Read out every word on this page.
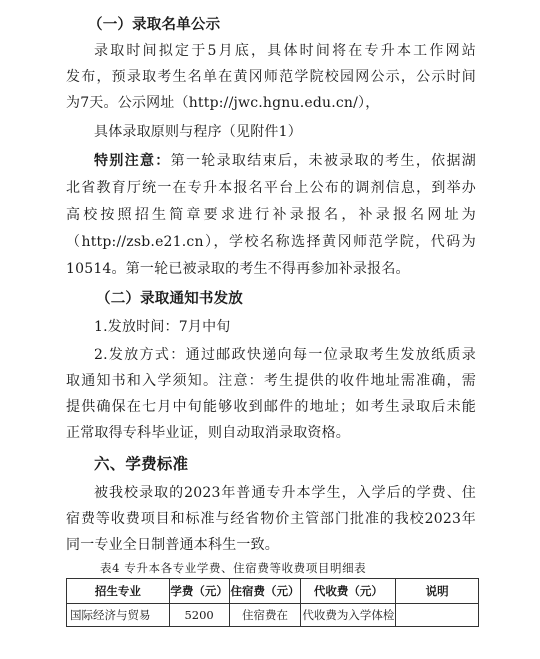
（一）录取名单公示
录取时间拟定于5月底，具体时间将在专升本工作网站
发布，预录取考生名单在黄冈师范学院校园网公示，公示时间
为7天。公示网址（http://jwc.hgnu.edu.cn/），
具体录取原则与程序（见附件1）
特别注意：第一轮录取结束后，未被录取的考生，依据湖
北省教育厅统一在专升本报名平台上公布的调剂信息，到举办
高校按照招生简章要求进行补录报名，补录报名网址为
（http://zsb.e21.cn），学校名称选择黄冈师范学院，代码为
10514。第一轮已被录取的考生不得再参加补录报名。
（二）录取通知书发放
1.发放时间：7月中旬
2.发放方式：通过邮政快递向每一位录取考生发放纸质录
取通知书和入学须知。注意：考生提供的收件地址需准确，需
提供确保在七月中旬能够收到邮件的地址；如考生录取后未能
正常取得专科毕业证，则自动取消录取资格。
六、学费标准
被我校录取的2023年普通专升本学生，入学后的学费、住
宿费等收费项目和标准与经省物价主管部门批准的我校2023年
同一专业全日制普通本科生一致。
表4 专升本各专业学费、住宿费等收费项目明细表
招生专业	学费（元）	住宿费（元）	代收费（元）	说明
国际经济与贸易	5200	住宿费在	代收费为入学体检	
